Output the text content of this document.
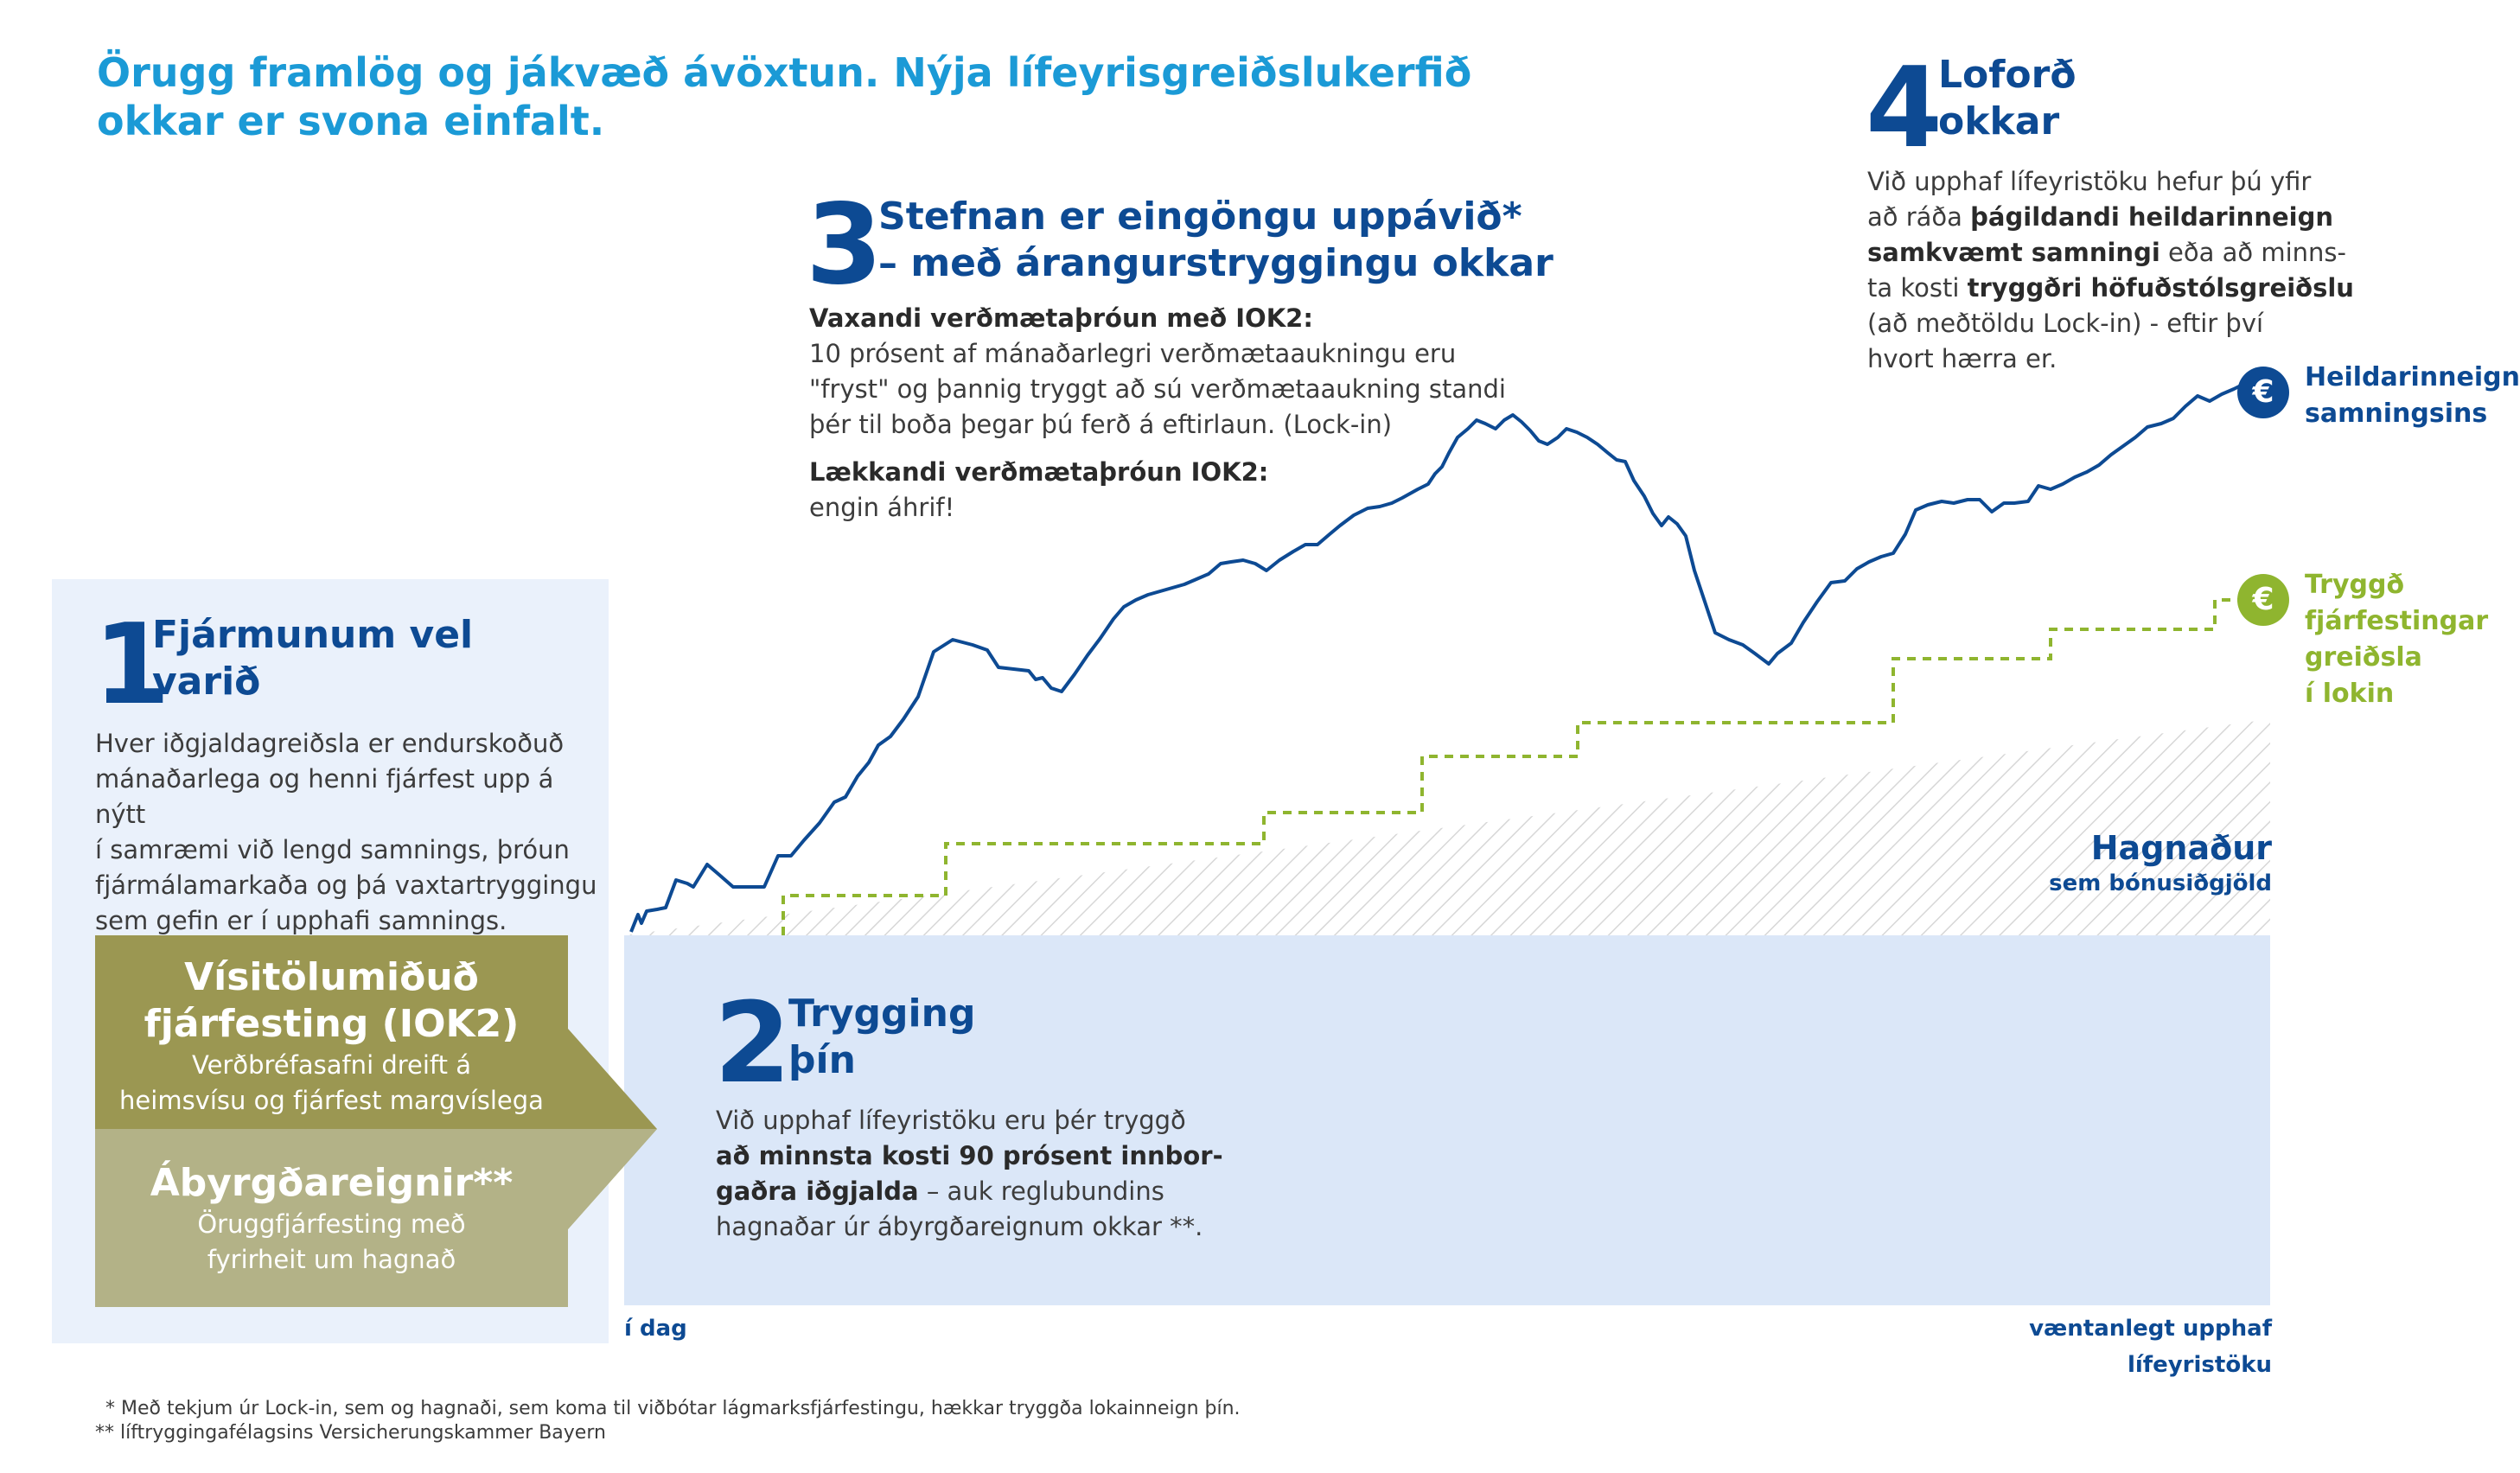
Örugg framlög og jákvæð ávöxtun. Nýja lífeyrisgreiðslukerfið
okkar er svona einfalt.
1
Fjármunum vel
varið
Hver iðgjaldagreiðsla er endurskoðuð
mánaðarlega og henni fjárfest upp á nýtt
í samræmi við lengd samnings, þróun
fjármálamarkaða og þá vaxtartryggingu
sem gefin er í upphafi samnings.
Vísitölumiðuð
fjárfesting (IOK2)
Verðbréfasafni dreift á
heimsvísu og fjárfest margvíslega
Ábyrgðareignir**
Öruggfjárfesting með
fyrirheit um hagnað
2
Trygging
þín
Við upphaf lífeyristöku eru þér tryggð
að minnsta kosti 90 prósent innbor-
gaðra iðgjalda – auk reglubundins
hagnaðar úr ábyrgðareignum okkar **.
3
Stefnan er eingöngu uppávið*
– með árangurstryggingu okkar
Vaxandi verðmætaþróun með IOK2:
10 prósent af mánaðarlegri verðmætaaukningu eru
"fryst" og þannig tryggt að sú verðmætaaukning standi
þér til boða þegar þú ferð á eftirlaun. (Lock-in)
Lækkandi verðmætaþróun IOK2:
engin áhrif!
4
Loforð
okkar
Við upphaf lífeyristöku hefur þú yfir
að ráða þágildandi heildarinneign
samkvæmt samningi eða að minns-
ta kosti tryggðri höfuðstólsgreiðslu
(að meðtöldu Lock-in) - eftir því
hvort hærra er.
€	Heildarinneign
samningsins
€	Tryggð
fjárfestingar
greiðsla
í lokin
Hagnaður
sem bónusiðgjöld
í dag	væntanlegt upphaf
lífeyristöku
* Með tekjum úr Lock-in, sem og hagnaði, sem koma til viðbótar lágmarksfjárfestingu, hækkar tryggða lokainneign þín.
** líftryggingafélagsins Versicherungskammer Bayern
